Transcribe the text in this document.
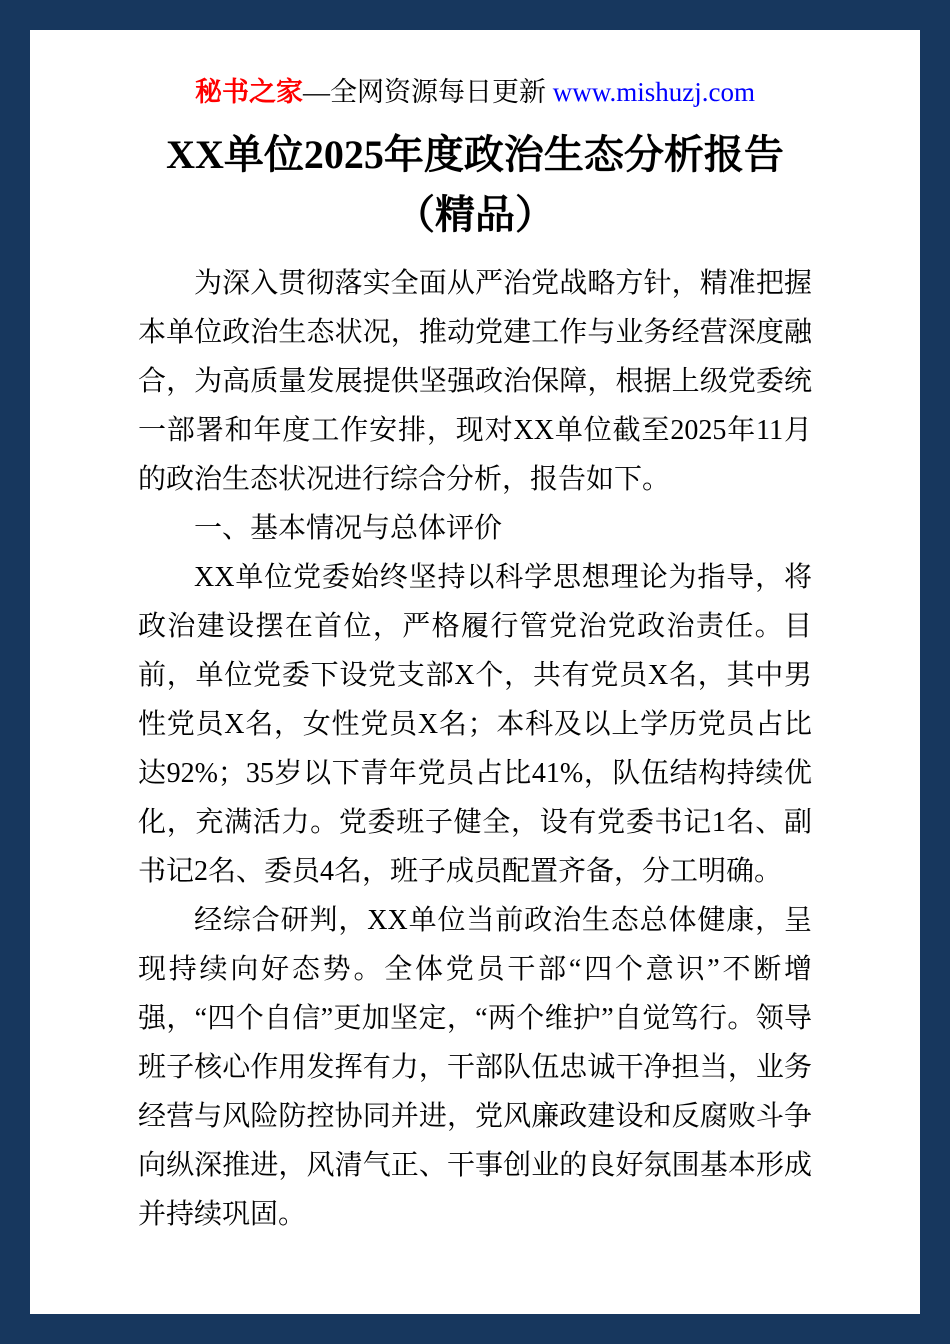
秘书之家—全网资源每日更新 www.mishuzj.com
XX单位2025年度政治生态分析报告（精品）

为深入贯彻落实全面从严治党战略方针，精准把握本单位政治生态状况，推动党建工作与业务经营深度融合，为高质量发展提供坚强政治保障，根据上级党委统一部署和年度工作安排，现对XX单位截至2025年11月的政治生态状况进行综合分析，报告如下。

一、基本情况与总体评价

XX单位党委始终坚持以科学思想理论为指导，将政治建设摆在首位，严格履行管党治党政治责任。目前，单位党委下设党支部X个，共有党员X名，其中男性党员X名，女性党员X名；本科及以上学历党员占比达92%；35岁以下青年党员占比41%，队伍结构持续优化，充满活力。党委班子健全，设有党委书记1名、副书记2名、委员4名，班子成员配置齐备，分工明确。

经综合研判，XX单位当前政治生态总体健康，呈现持续向好态势。全体党员干部“四个意识”不断增强，“四个自信”更加坚定，“两个维护”自觉笃行。领导班子核心作用发挥有力，干部队伍忠诚干净担当，业务经营与风险防控协同并进，党风廉政建设和反腐败斗争向纵深推进，风清气正、干事创业的良好氛围基本形成并持续巩固。
